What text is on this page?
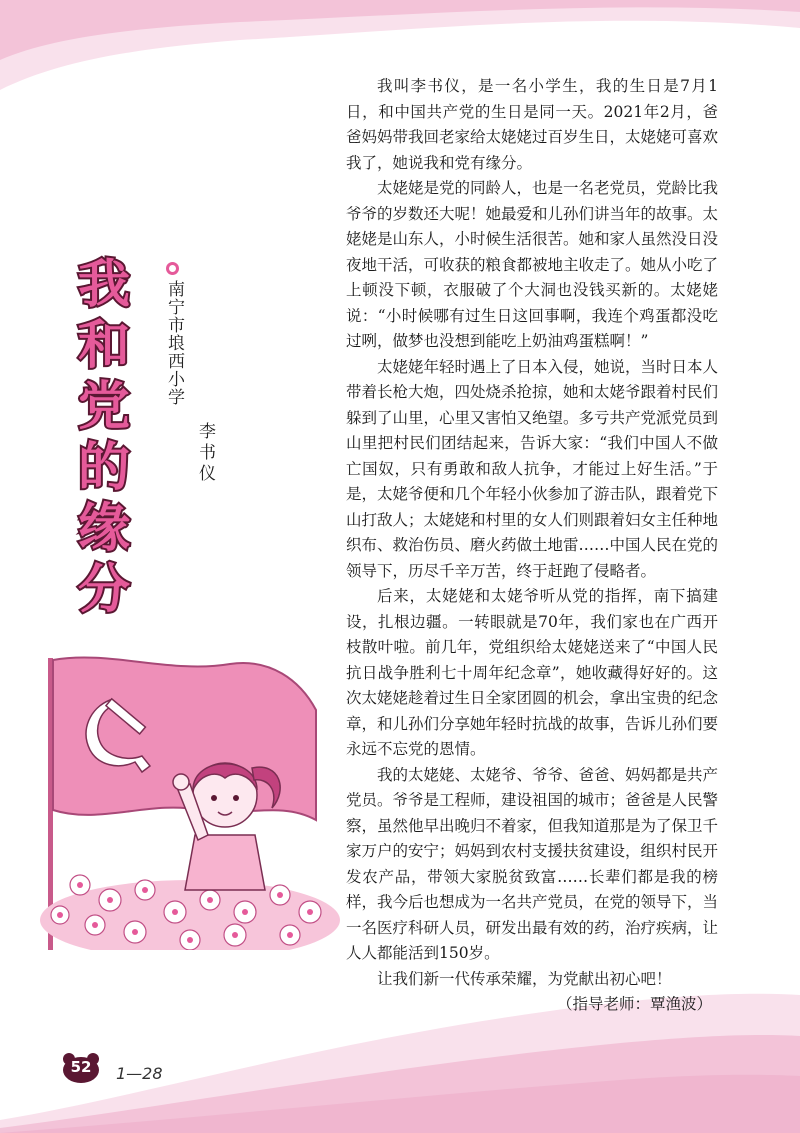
我
和
党
的
缘
分
南宁市埌西小学
李书仪

我叫李书仪，是一名小学生，我的生日是7月1日，和中国共产党的生日是同一天。2021年2月，爸爸妈妈带我回老家给太姥姥过百岁生日，太姥姥可喜欢我了，她说我和党有缘分。

太姥姥是党的同龄人，也是一名老党员，党龄比我爷爷的岁数还大呢！她最爱和儿孙们讲当年的故事。太姥姥是山东人，小时候生活很苦。她和家人虽然没日没夜地干活，可收获的粮食都被地主收走了。她从小吃了上顿没下顿，衣服破了个大洞也没钱买新的。太姥姥说：“小时候哪有过生日这回事啊，我连个鸡蛋都没吃过咧，做梦也没想到能吃上奶油鸡蛋糕啊！”

太姥姥年轻时遇上了日本入侵，她说，当时日本人带着长枪大炮，四处烧杀抢掠，她和太姥爷跟着村民们躲到了山里，心里又害怕又绝望。多亏共产党派党员到山里把村民们团结起来，告诉大家：“我们中国人不做亡国奴，只有勇敢和敌人抗争，才能过上好生活。”于是，太姥爷便和几个年轻小伙参加了游击队，跟着党下山打敌人；太姥姥和村里的女人们则跟着妇女主任种地织布、救治伤员、磨火药做土地雷……中国人民在党的领导下，历尽千辛万苦，终于赶跑了侵略者。

后来，太姥姥和太姥爷听从党的指挥，南下搞建设，扎根边疆。一转眼就是70年，我们家也在广西开枝散叶啦。前几年，党组织给太姥姥送来了“中国人民抗日战争胜利七十周年纪念章”，她收藏得好好的。这次太姥姥趁着过生日全家团圆的机会，拿出宝贵的纪念章，和儿孙们分享她年轻时抗战的故事，告诉儿孙们要永远不忘党的恩情。

我的太姥姥、太姥爷、爷爷、爸爸、妈妈都是共产党员。爷爷是工程师，建设祖国的城市；爸爸是人民警察，虽然他早出晚归不着家，但我知道那是为了保卫千家万户的安宁；妈妈到农村支援扶贫建设，组织村民开发农产品，带领大家脱贫致富……长辈们都是我的榜样，我今后也想成为一名共产党员，在党的领导下，当一名医疗科研人员，研发出最有效的药，治疗疾病，让人人都能活到150岁。

让我们新一代传承荣耀，为党献出初心吧！

（指导老师：覃渔波）

52	1—28
